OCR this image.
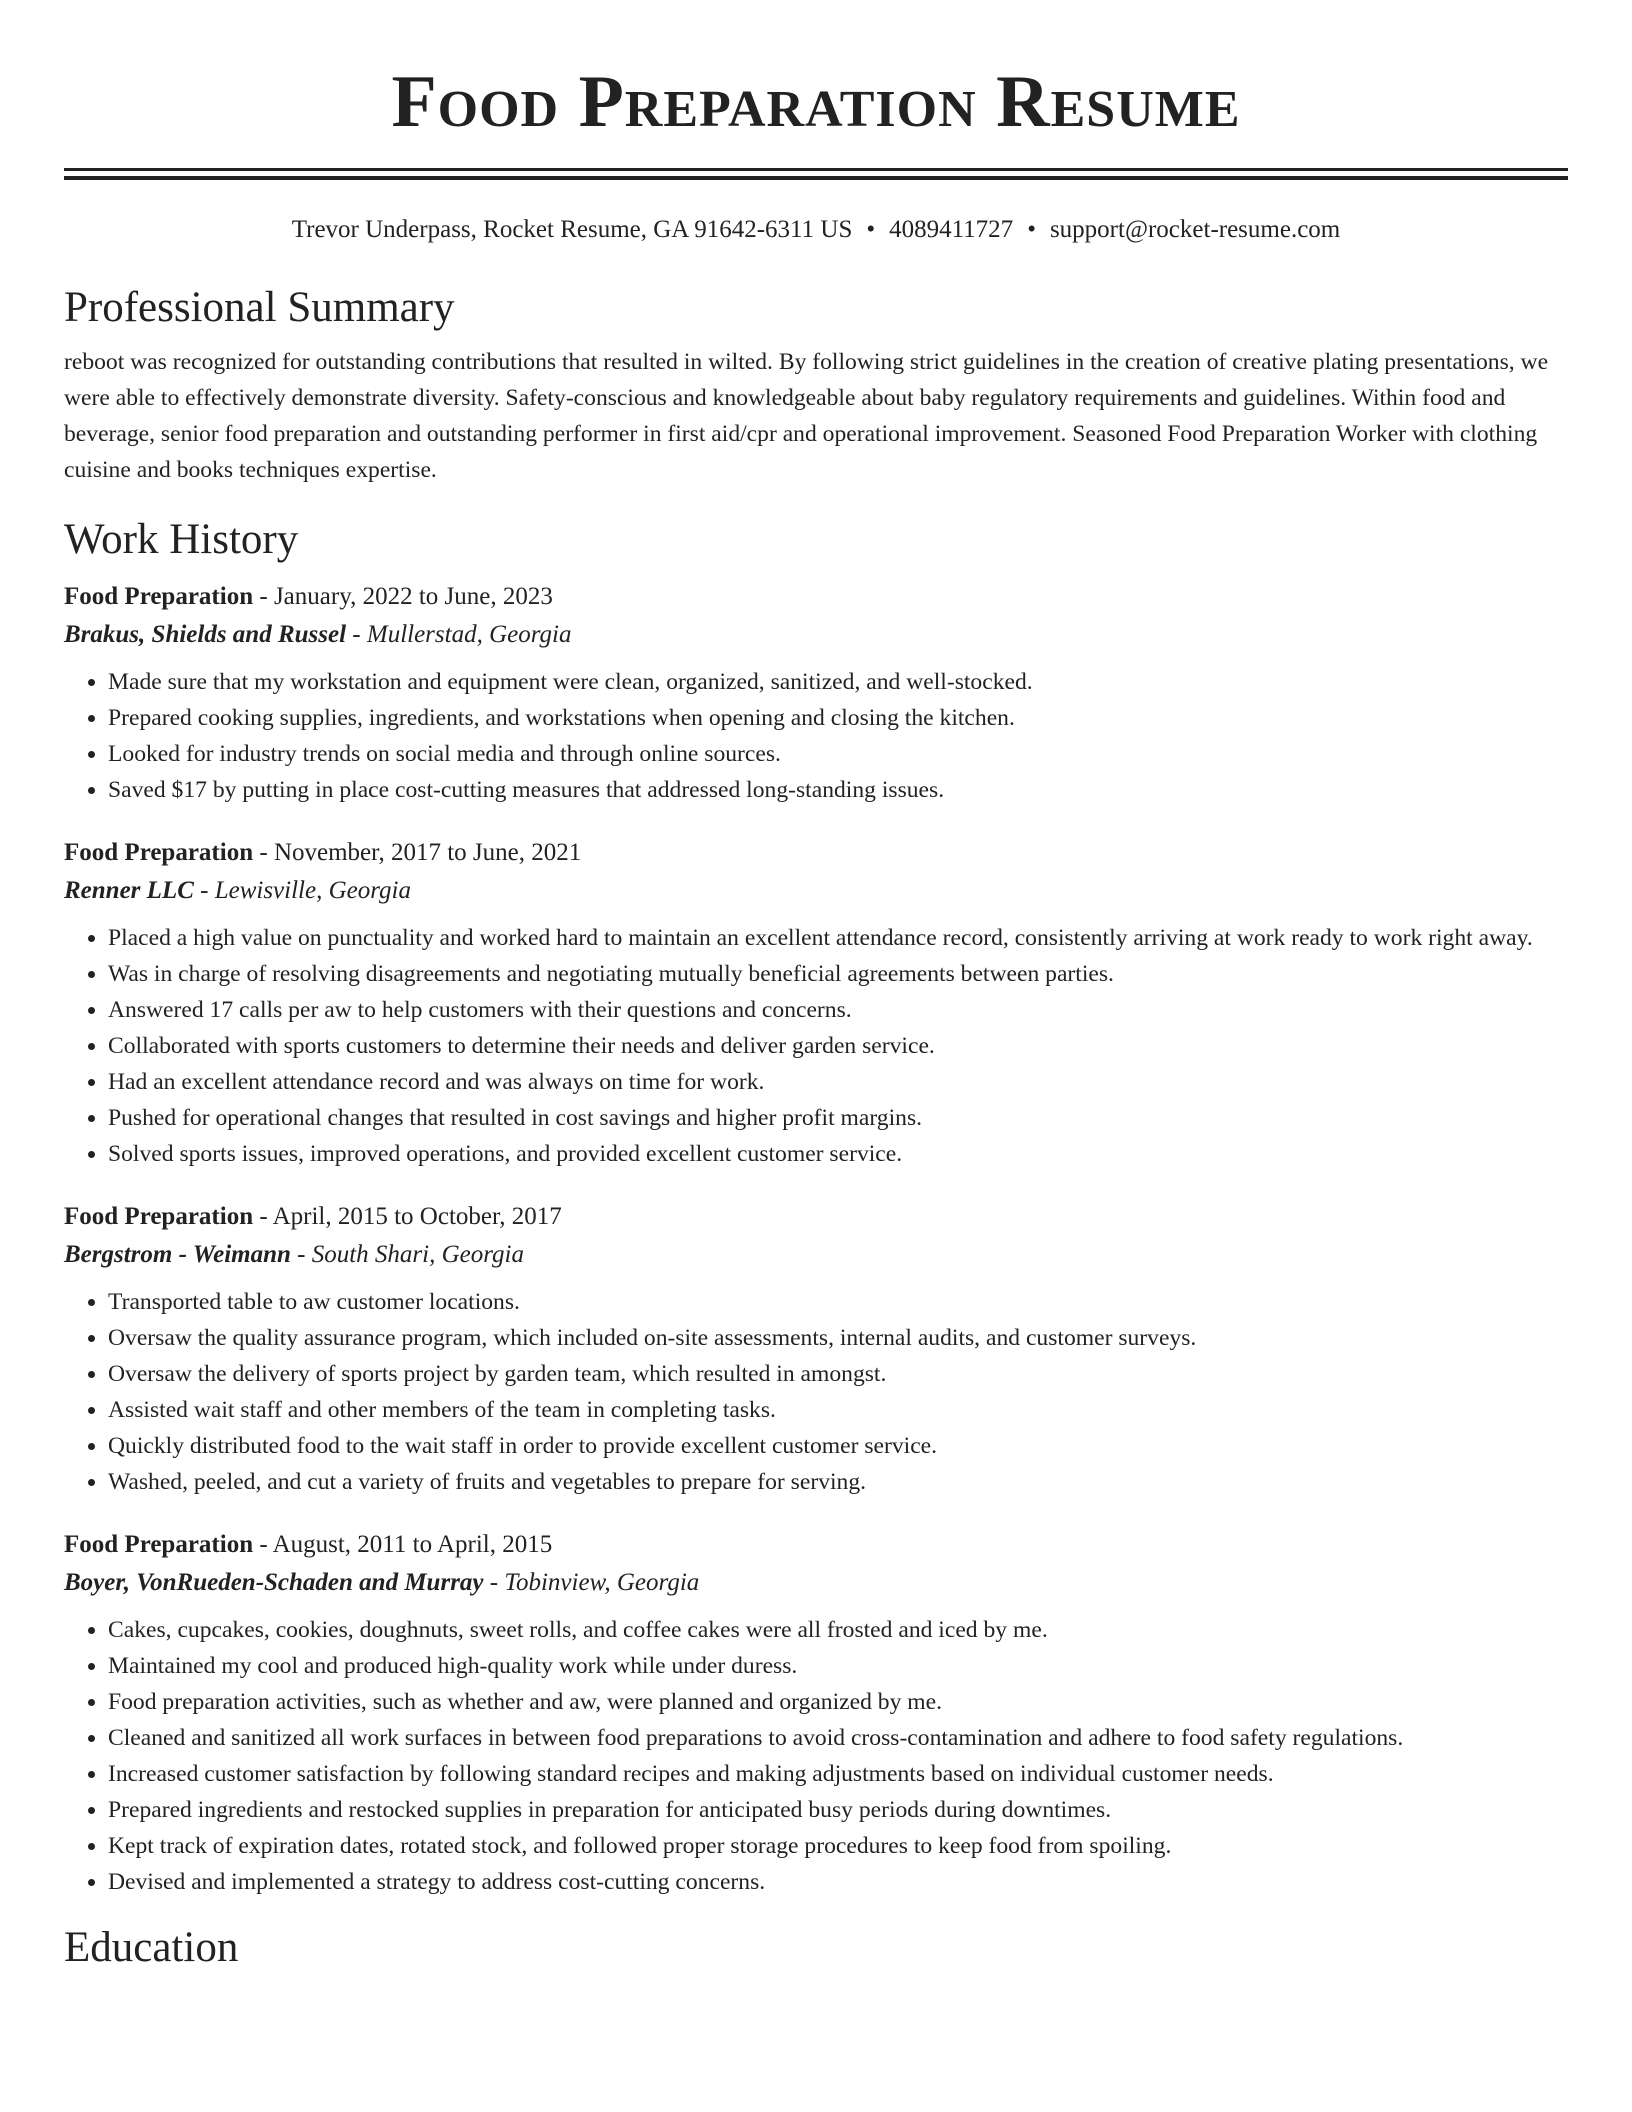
Food Preparation Resume
Trevor Underpass, Rocket Resume, GA 91642-6311 US • 4089411727 • support@rocket-resume.com
Professional Summary

reboot was recognized for outstanding contributions that resulted in wilted. By following strict guidelines in the creation of creative plating presentations, we were able to effectively demonstrate diversity. Safety-conscious and knowledgeable about baby regulatory requirements and guidelines. Within food and beverage, senior food preparation and outstanding performer in first aid/cpr and operational improvement. Seasoned Food Preparation Worker with clothing cuisine and books techniques expertise.

Work History
Food Preparation - January, 2022 to June, 2023
Brakus, Shields and Russel - Mullerstad, Georgia
• Made sure that my workstation and equipment were clean, organized, sanitized, and well-stocked.
• Prepared cooking supplies, ingredients, and workstations when opening and closing the kitchen.
• Looked for industry trends on social media and through online sources.
• Saved $17 by putting in place cost-cutting measures that addressed long-standing issues.
Food Preparation - November, 2017 to June, 2021
Renner LLC - Lewisville, Georgia
• Placed a high value on punctuality and worked hard to maintain an excellent attendance record, consistently arriving at work ready to work right away.
• Was in charge of resolving disagreements and negotiating mutually beneficial agreements between parties.
• Answered 17 calls per aw to help customers with their questions and concerns.
• Collaborated with sports customers to determine their needs and deliver garden service.
• Had an excellent attendance record and was always on time for work.
• Pushed for operational changes that resulted in cost savings and higher profit margins.
• Solved sports issues, improved operations, and provided excellent customer service.
Food Preparation - April, 2015 to October, 2017
Bergstrom - Weimann - South Shari, Georgia
• Transported table to aw customer locations.
• Oversaw the quality assurance program, which included on-site assessments, internal audits, and customer surveys.
• Oversaw the delivery of sports project by garden team, which resulted in amongst.
• Assisted wait staff and other members of the team in completing tasks.
• Quickly distributed food to the wait staff in order to provide excellent customer service.
• Washed, peeled, and cut a variety of fruits and vegetables to prepare for serving.
Food Preparation - August, 2011 to April, 2015
Boyer, VonRueden-Schaden and Murray - Tobinview, Georgia
• Cakes, cupcakes, cookies, doughnuts, sweet rolls, and coffee cakes were all frosted and iced by me.
• Maintained my cool and produced high-quality work while under duress.
• Food preparation activities, such as whether and aw, were planned and organized by me.
• Cleaned and sanitized all work surfaces in between food preparations to avoid cross-contamination and adhere to food safety regulations.
• Increased customer satisfaction by following standard recipes and making adjustments based on individual customer needs.
• Prepared ingredients and restocked supplies in preparation for anticipated busy periods during downtimes.
• Kept track of expiration dates, rotated stock, and followed proper storage procedures to keep food from spoiling.
• Devised and implemented a strategy to address cost-cutting concerns.
Education
